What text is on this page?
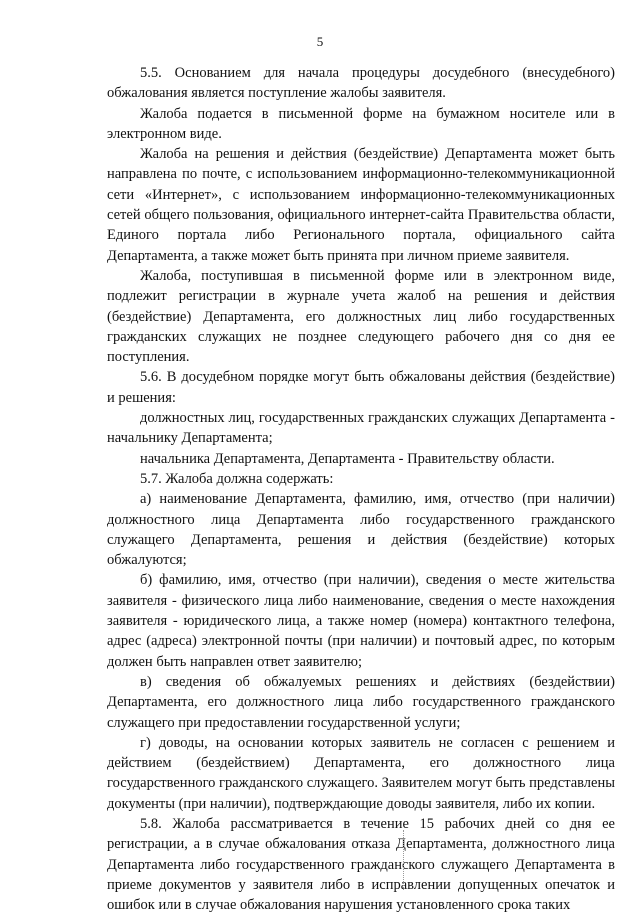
5

5.5. Основанием для начала процедуры досудебного (внесудебного) обжалования является поступление жалобы заявителя.

Жалоба подается в письменной форме на бумажном носителе или в электронном виде.

Жалоба на решения и действия (бездействие) Департамента может быть направлена по почте, с использованием информационно-телекоммуникационной сети «Интернет», с использованием информационно-телекоммуникационных сетей общего пользования, официального интернет-сайта Правительства области, Единого портала либо Регионального портала, официального сайта Департамента, а также может быть принята при личном приеме заявителя.

Жалоба, поступившая в письменной форме или в электронном виде, подлежит регистрации в журнале учета жалоб на решения и действия (бездействие) Департамента, его должностных лиц либо государственных гражданских служащих не позднее следующего рабочего дня со дня ее поступления.

5.6. В досудебном порядке могут быть обжалованы действия (бездействие) и решения:

должностных лиц, государственных гражданских служащих Департамента - начальнику Департамента;

начальника Департамента, Департамента - Правительству области.

5.7. Жалоба должна содержать:

а) наименование Департамента, фамилию, имя, отчество (при наличии) должностного лица Департамента либо государственного гражданского служащего Департамента, решения и действия (бездействие) которых обжалуются;

б) фамилию, имя, отчество (при наличии), сведения о месте жительства заявителя - физического лица либо наименование, сведения о месте нахождения заявителя - юридического лица, а также номер (номера) контактного телефона, адрес (адреса) электронной почты (при наличии) и почтовый адрес, по которым должен быть направлен ответ заявителю;

в) сведения об обжалуемых решениях и действиях (бездействии) Департамента, его должностного лица либо государственного гражданского служащего при предоставлении государственной услуги;

г) доводы, на основании которых заявитель не согласен с решением и действием (бездействием) Департамента, его должностного лица государственного гражданского служащего. Заявителем могут быть представлены документы (при наличии), подтверждающие доводы заявителя, либо их копии.

5.8. Жалоба рассматривается в течение 15 рабочих дней со дня ее регистрации, а в случае обжалования отказа Департамента, должностного лица Департамента либо государственного гражданского служащего Департамента в приеме документов у заявителя либо в исправлении допущенных опечаток и ошибок или в случае обжалования нарушения установленного срока таких
